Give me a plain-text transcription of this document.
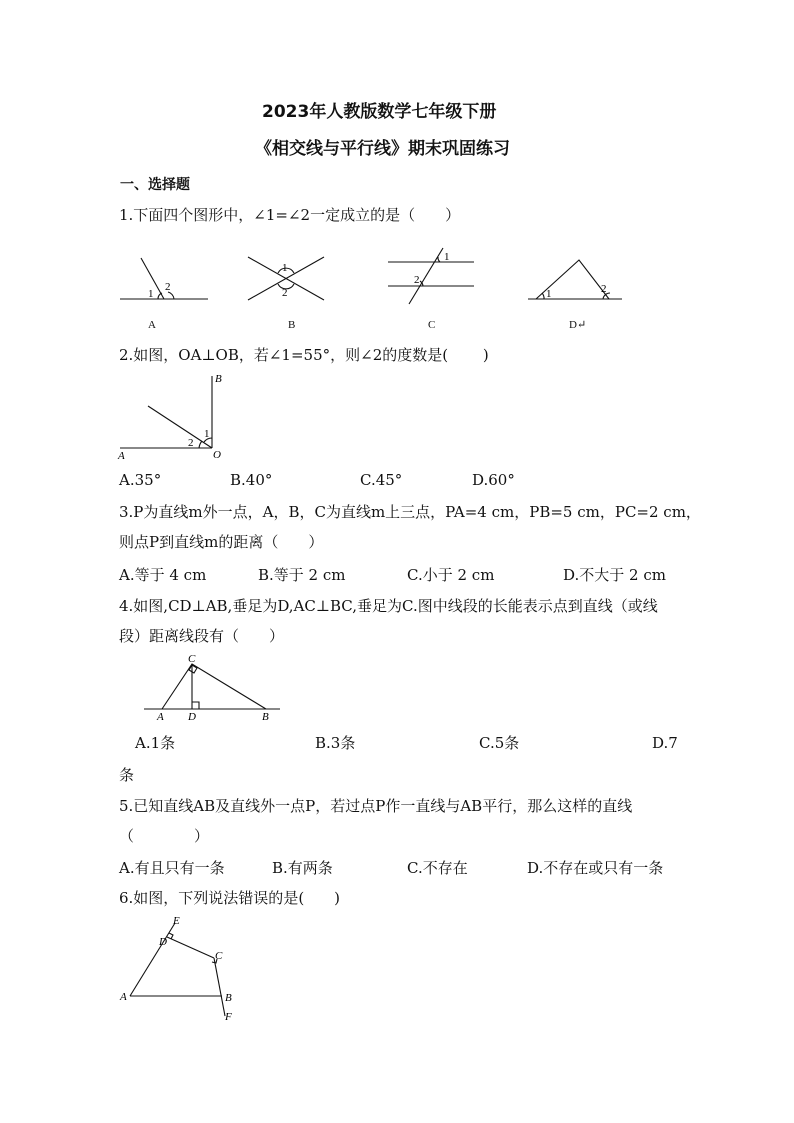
2023年人教版数学七年级下册
《相交线与平行线》期末巩固练习
一、选择题
1.下面四个图形中，∠1=∠2一定成立的是（　　）
1
2
A
1
2
B
1
2
C
1	2
D↵
2.如图，OA⊥OB，若∠1=55°，则∠2的度数是(　　 )
B
A	O
1
2
A.35°	B.40°	C.45°	D.60°
3.P为直线m外一点，A，B，C为直线m上三点，PA=4 cm，PB=5 cm，PC=2 cm，
则点P到直线m的距离（　　）
A.等于 4 cm	B.等于 2 cm	C.小于 2 cm	D.不大于 2 cm
4.如图,CD⊥AB,垂足为D,AC⊥BC,垂足为C.图中线段的长能表示点到直线（或线
段）距离线段有（　　）
C
A D	B
A.1条	B.3条	C.5条	D.7
条
5.已知直线AB及直线外一点P，若过点P作一直线与AB平行，那么这样的直线
（　　　　）
A.有且只有一条	B.有两条	C.不存在	D.不存在或只有一条
6.如图，下列说法错误的是(　　)
E
D
C
A	B
F
